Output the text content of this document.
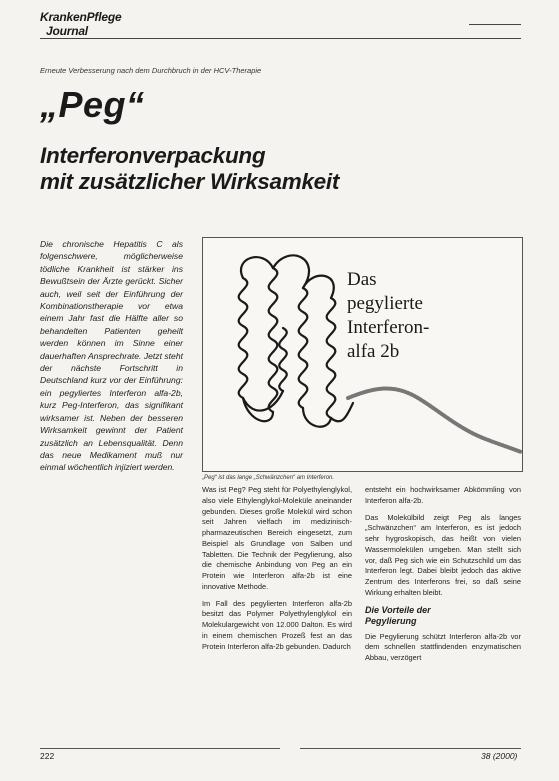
KrankenPflege
Journal
Erneute Verbesserung nach dem Durchbruch in der HCV-Therapie
„Peg“
Interferonverpackung
mit zusätzlicher Wirksamkeit
Die chronische Hepatitis C als folgenschwere, möglicherweise tödliche Krankheit ist stärker ins Bewußtsein der Ärzte gerückt. Sicher auch, weil seit der Einführung der Kombinationstherapie vor etwa einem Jahr fast die Hälfte aller so behandelten Patienten geheilt werden können im Sinne einer dauerhaften Ansprechrate. Jetzt steht der nächste Fortschritt in Deutschland kurz vor der Einführung: ein pegyliertes Interferon alfa-2b, kurz Peg-Interferon, das signifikant wirksamer ist. Neben der besseren Wirksamkeit gewinnt der Patient zusätzlich an Lebensqualität. Denn das neue Medikament muß nur einmal wöchentlich injiziert werden.
Das
pegylierte
Interferon-
alfa 2b
„Peg“ ist das lange „Schwänzchen“ am Interferon.

Was ist Peg? Peg steht für Polyethylenglykol, also viele Ethylenglykol-Moleküle aneinander gebunden. Dieses große Molekül wird schon seit Jahren vielfach im medizinisch-pharmazeutischen Bereich eingesetzt, zum Beispiel als Grundlage von Salben und Tabletten. Die Technik der Pegylierung, also die chemische Anbindung von Peg an ein Protein wie Interferon alfa-2b ist eine innovative Methode.

Im Fall des pegylierten Interferon alfa-2b besitzt das Polymer Polyethylenglykol ein Molekulargewicht von 12.000 Dalton. Es wird in einem chemischen Prozeß fest an das Protein Interferon alfa-2b gebunden. Dadurch

entsteht ein hochwirksamer Abkömmling von Interferon alfa-2b.

Das Molekülbild zeigt Peg als langes „Schwänzchen“ am Interferon, es ist jedoch sehr hygroskopisch, das heißt von vielen Wassermolekülen umgeben. Man stellt sich vor, daß Peg sich wie ein Schutzschild um das Interferon legt. Dabei bleibt jedoch das aktive Zentrum des Interferons frei, so daß seine Wirkung erhalten bleibt.

Die Vorteile der
Pegylierung

Die Pegylierung schützt Interferon alfa-2b vor dem schnellen stattfindenden enzymatischen Abbau, verzögert

222	38 (2000)
